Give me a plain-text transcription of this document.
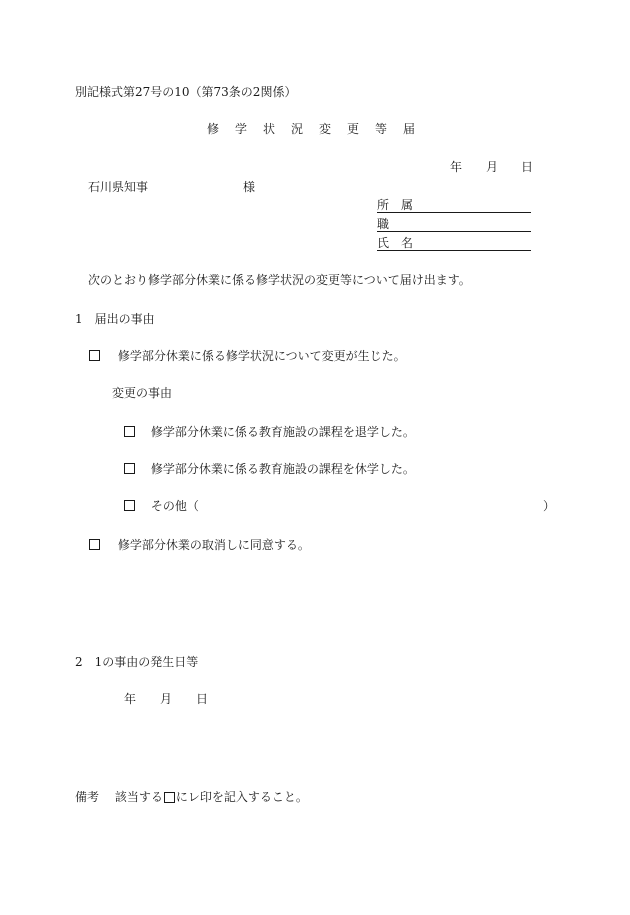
別記様式第27号の10（第73条の2関係）
修 学 状 況 変 更 等 届
年 月 日
石川県知事	様
所　属
職
氏　名
次のとおり修学部分休業に係る修学状況の変更等について届け出ます。
1　届出の事由
修学部分休業に係る修学状況について変更が生じた。
変更の事由
修学部分休業に係る教育施設の課程を退学した。
修学部分休業に係る教育施設の課程を休学した。
その他（	）
修学部分休業の取消しに同意する。
2　1の事由の発生日等
年 月 日
備考 該当する にレ印を記入すること。
